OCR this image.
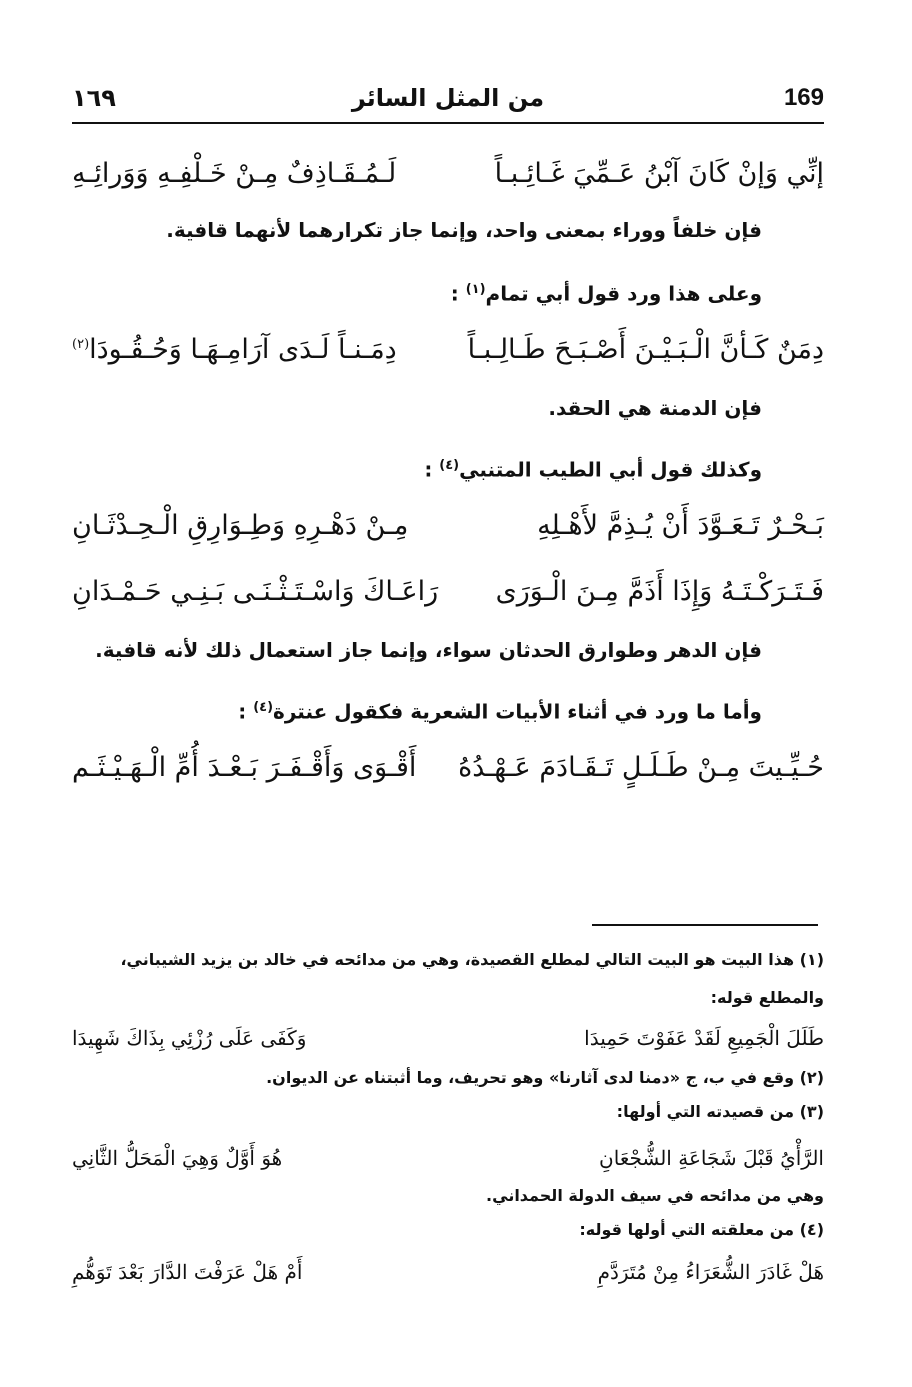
169
من المثل السائر
١٦٩
إنِّي وَإنْ كَانَ آبْنُ عَـمِّيَ غَـائِـبـاً
لَـمُـقَـاذِفٌ مِـنْ خَـلْفِـهِ وَوَرائِـهِ
فإن خلفاً ووراء بمعنى واحد، وإنما جاز تكرارهما لأنهما قافية.
وعلى هذا ورد قول أبي تمام$^{(١)}$ :
دِمَنٌ كَـأنَّ الْـبَـيْـنَ أَصْـبَـحَ طَـالِـبـاً
دِمَـنـاً لَـدَى آرَامِـهَـا وَحُـقُـودَا$^{(٢)}$
فإن الدمنة هي الحقد.
وكذلك قول أبي الطيب المتنبي$^{(٤)}$ :
بَـحْـرٌ تَـعَـوَّدَ أَنْ يُـذِمَّ لأَهْـلِهِ
مِـنْ دَهْـرِهِ وَطِـوَارِقِ الْـحِـدْثَـانِ
فَـتَـرَكْـتَـهُ وَإِذَا أَذَمَّ مِـنَ الْـوَرَى
رَاعَـاكَ وَاسْـتَـثْـنَـى بَـنِـي حَـمْـدَانِ
فإن الدهر وطوارق الحدثان سواء، وإنما جاز استعمال ذلك لأنه قافية.
وأما ما ورد في أثناء الأبيات الشعرية فكقول عنترة$^{(٤)}$ :
حُـيِّـيتَ مِـنْ طَـلَـلٍ تَـقَـادَمَ عَـهْـدُهُ
أَقْـوَى وَأَقْـفَـرَ بَـعْـدَ أُمِّ الْـهَـيْـثَـم
(١) هذا البيت هو البيت التالي لمطلع القصيدة، وهي من مدائحه في خالد بن يزيد الشيباني،
والمطلع قوله:
طَلَلَ الْجَمِيعِ لَقَدْ عَفَوْتَ حَمِيدَا
وَكَفَى عَلَى رُزْئِي بِذَاكَ شَهِيدَا
(٢) وقع في ب، ج «دمنا لدى آثارنا» وهو تحريف، وما أثبتناه عن الديوان.
(٣) من قصيدته التي أولها:
الرَّأْيُ قَبْلَ شَجَاعَةِ الشُّجْعَانِ
هُوَ أَوَّلٌ وَهِيَ الْمَحَلُّ الثَّانِي
وهي من مدائحه في سيف الدولة الحمداني.
(٤) من معلقته التي أولها قوله:
هَلْ غَادَرَ الشُّعَرَاءُ مِنْ مُتَرَدَّمِ
أَمْ هَلْ عَرَفْتَ الدَّارَ بَعْدَ تَوَهُّمِ
